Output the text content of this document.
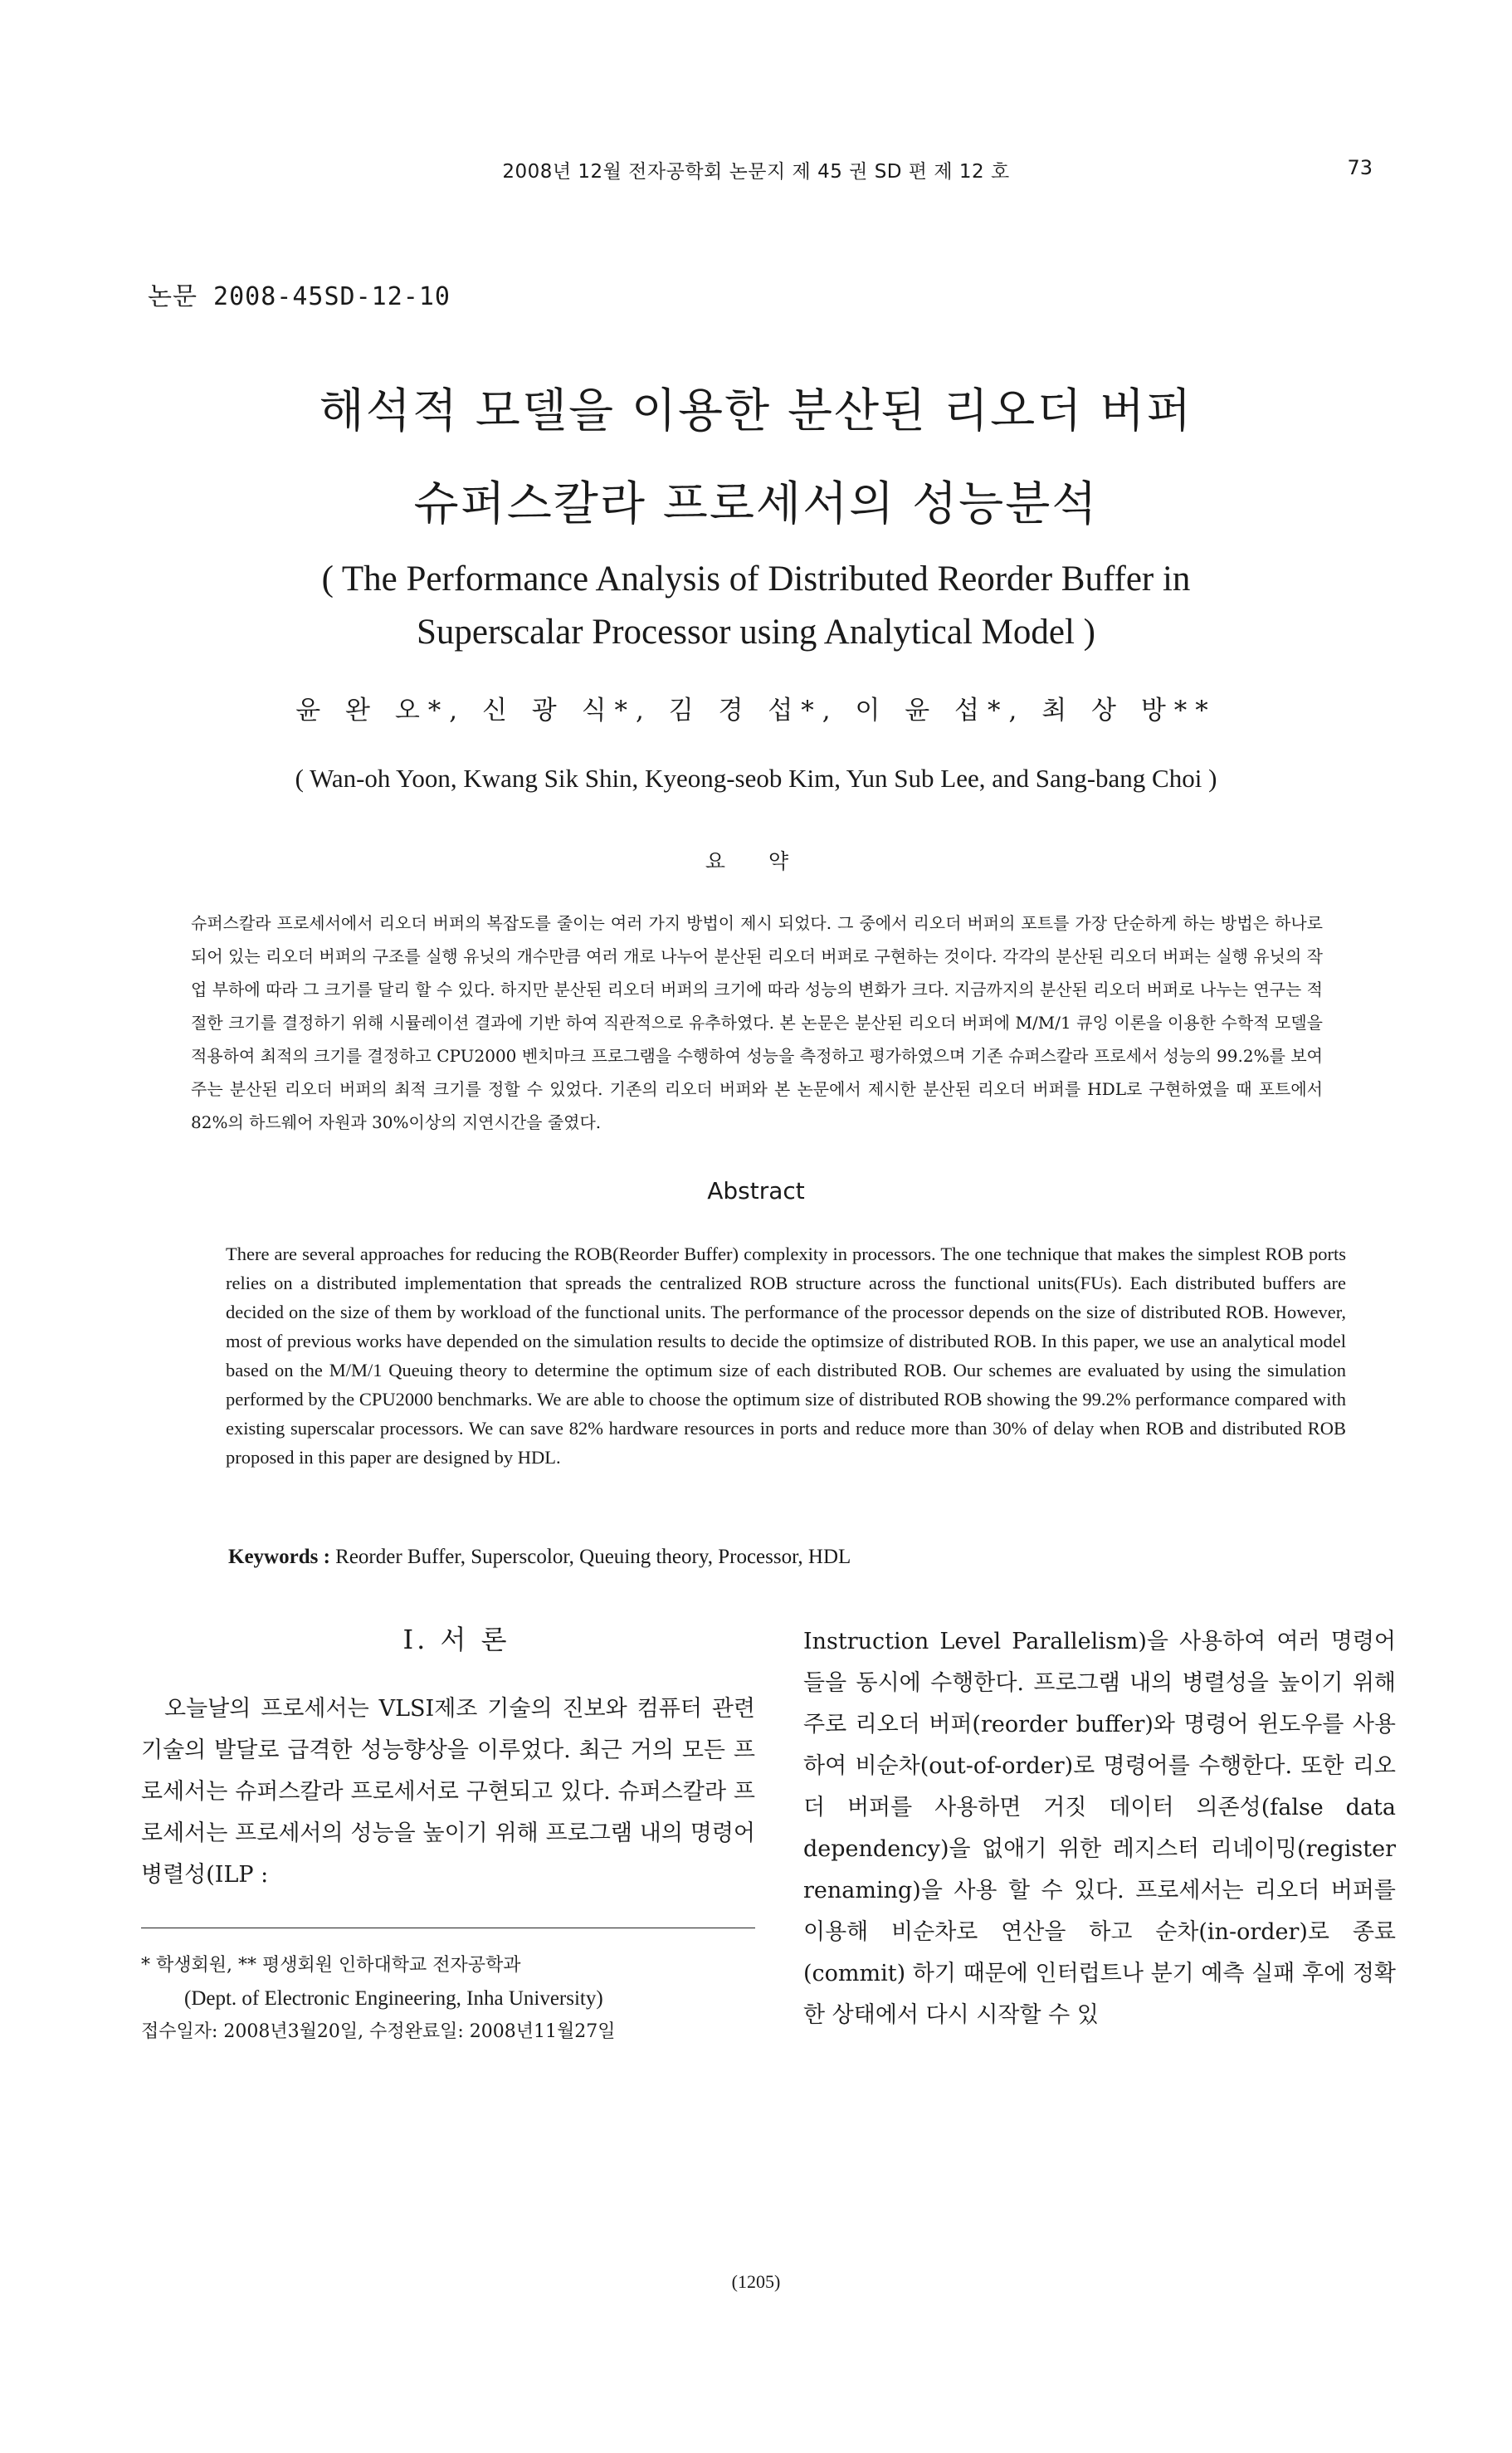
2008년 12월 전자공학회 논문지 제 45 권 SD 편 제 12 호	73
논문 2008-45SD-12-10
해석적 모델을 이용한 분산된 리오더 버퍼
슈퍼스칼라 프로세서의 성능분석
( The Performance Analysis of Distributed Reorder Buffer in
Superscalar Processor using Analytical Model )
윤 완 오*, 신 광 식*, 김 경 섭*, 이 윤 섭*, 최 상 방**
( Wan-oh Yoon, Kwang Sik Shin, Kyeong-seob Kim, Yun Sub Lee, and Sang-bang Choi )
요 약

슈퍼스칼라 프로세서에서 리오더 버퍼의 복잡도를 줄이는 여러 가지 방법이 제시 되었다. 그 중에서 리오더 버퍼의 포트를 가장 단순하게 하는 방법은 하나로 되어 있는 리오더 버퍼의 구조를 실행 유닛의 개수만큼 여러 개로 나누어 분산된 리오더 버퍼로 구현하는 것이다. 각각의 분산된 리오더 버퍼는 실행 유닛의 작업 부하에 따라 그 크기를 달리 할 수 있다. 하지만 분산된 리오더 버퍼의 크기에 따라 성능의 변화가 크다. 지금까지의 분산된 리오더 버퍼로 나누는 연구는 적절한 크기를 결정하기 위해 시뮬레이션 결과에 기반 하여 직관적으로 유추하였다. 본 논문은 분산된 리오더 버퍼에 M/M/1 큐잉 이론을 이용한 수학적 모델을 적용하여 최적의 크기를 결정하고 CPU2000 벤치마크 프로그램을 수행하여 성능을 측정하고 평가하였으며 기존 슈퍼스칼라 프로세서 성능의 99.2%를 보여주는 분산된 리오더 버퍼의 최적 크기를 정할 수 있었다. 기존의 리오더 버퍼와 본 논문에서 제시한 분산된 리오더 버퍼를 HDL로 구현하였을 때 포트에서 82%의 하드웨어 자원과 30%이상의 지연시간을 줄였다.

Abstract

There are several approaches for reducing the ROB(Reorder Buffer) complexity in processors. The one technique that makes the simplest ROB ports relies on a distributed implementation that spreads the centralized ROB structure across the functional units(FUs). Each distributed buffers are decided on the size of them by workload of the functional units. The performance of the processor depends on the size of distributed ROB. However, most of previous works have depended on the simulation results to decide the optimsize of distributed ROB. In this paper, we use an analytical model based on the M/M/1 Queuing theory to determine the optimum size of each distributed ROB. Our schemes are evaluated by using the simulation performed by the CPU2000 benchmarks. We are able to choose the optimum size of distributed ROB showing the 99.2% performance compared with existing superscalar processors. We can save 82% hardware resources in ports and reduce more than 30% of delay when ROB and distributed ROB proposed in this paper are designed by HDL.

Keywords : Reorder Buffer, Superscolor, Queuing theory, Processor, HDL
I. 서 론

오늘날의 프로세서는 VLSI제조 기술의 진보와 컴퓨터 관련 기술의 발달로 급격한 성능향상을 이루었다. 최근 거의 모든 프로세서는 슈퍼스칼라 프로세서로 구현되고 있다. 슈퍼스칼라 프로세서는 프로세서의 성능을 높이기 위해 프로그램 내의 명령어 병렬성(ILP :

Instruction Level Parallelism)을 사용하여 여러 명령어들을 동시에 수행한다. 프로그램 내의 병렬성을 높이기 위해 주로 리오더 버퍼(reorder buffer)와 명령어 윈도우를 사용하여 비순차(out-of-order)로 명령어를 수행한다. 또한 리오더 버퍼를 사용하면 거짓 데이터 의존성(false data dependency)을 없애기 위한 레지스터 리네이밍(register renaming)을 사용 할 수 있다. 프로세서는 리오더 버퍼를 이용해 비순차로 연산을 하고 순차(in-order)로 종료(commit) 하기 때문에 인터럽트나 분기 예측 실패 후에 정확한 상태에서 다시 시작할 수 있

* 학생회원, ** 평생회원 인하대학교 전자공학과
(Dept. of Electronic Engineering, Inha University)
접수일자: 2008년3월20일, 수정완료일: 2008년11월27일
(1205)
